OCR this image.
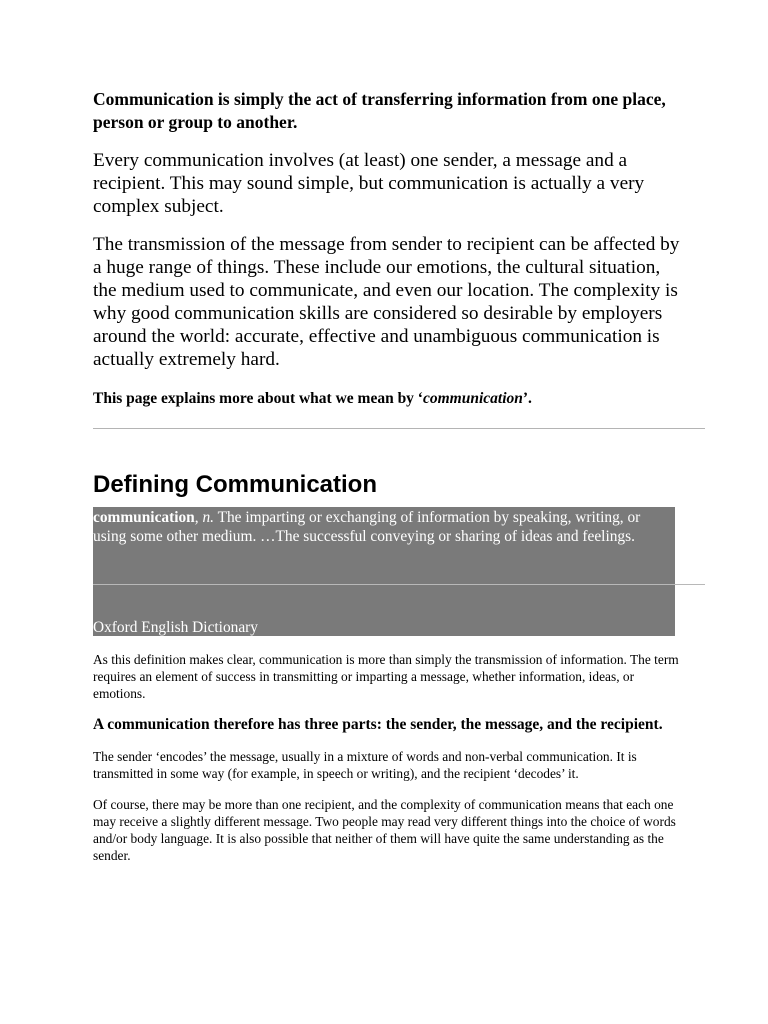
Communication is simply the act of transferring information from one place, person or group to another.

Every communication involves (at least) one sender, a message and a recipient. This may sound simple, but communication is actually a very complex subject.

The transmission of the message from sender to recipient can be affected by a huge range of things. These include our emotions, the cultural situation, the medium used to communicate, and even our location. The complexity is why good communication skills are considered so desirable by employers around the world: accurate, effective and unambiguous communication is actually extremely hard.

This page explains more about what we mean by ‘communication’.

Defining Communication
communication, n. The imparting or exchanging of information by speaking, writing, or using some other medium. …The successful conveying or sharing of ideas and feelings.
Oxford English Dictionary

As this definition makes clear, communication is more than simply the transmission of information. The term requires an element of success in transmitting or imparting a message, whether information, ideas, or emotions.

A communication therefore has three parts: the sender, the message, and the recipient.

The sender ‘encodes’ the message, usually in a mixture of words and non-verbal communication. It is transmitted in some way (for example, in speech or writing), and the recipient ‘decodes’ it.

Of course, there may be more than one recipient, and the complexity of communication means that each one may receive a slightly different message. Two people may read very different things into the choice of words and/or body language. It is also possible that neither of them will have quite the same understanding as the sender.
